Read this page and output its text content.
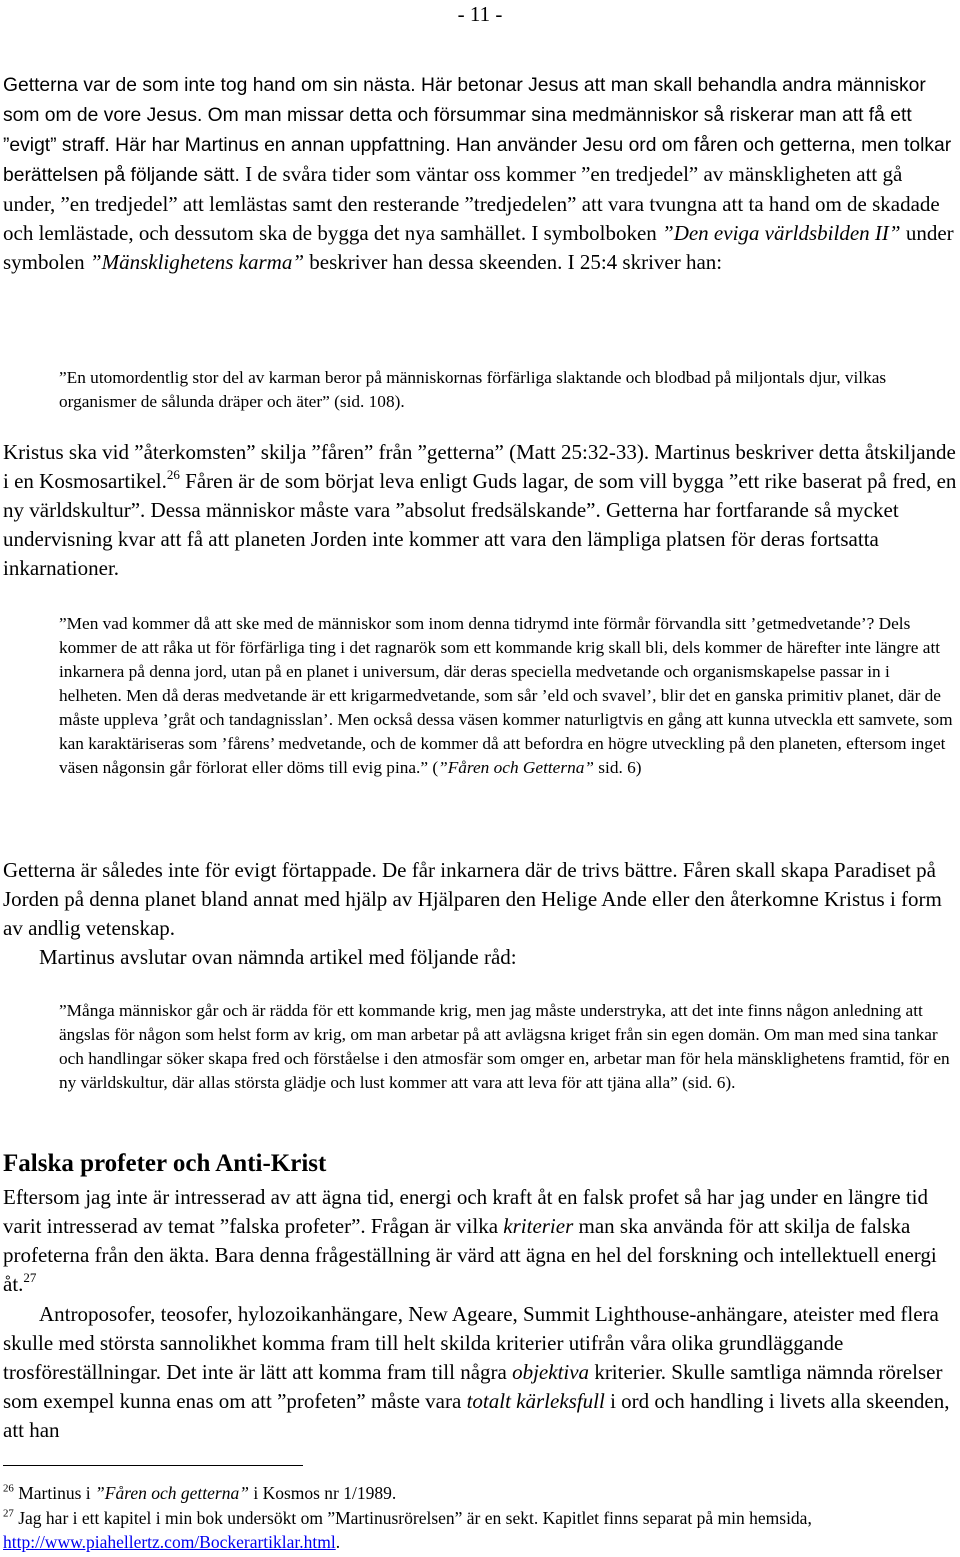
- 11 -

Getterna var de som inte tog hand om sin nästa. Här betonar Jesus att man skall behandla andra människor som om de vore Jesus. Om man missar detta och försummar sina medmänniskor så riskerar man att få ett ”evigt” straff. Här har Martinus en annan uppfattning. Han använder Jesu ord om fåren och getterna, men tolkar berättelsen på följande sätt. I de svåra tider som väntar oss kommer ”en tredjedel” av mänskligheten att gå under, ”en tredjedel” att lemlästas samt den resterande ”tredjedelen” att vara tvungna att ta hand om de skadade och lemlästade, och dessutom ska de bygga det nya samhället. I symbolboken ”Den eviga världsbilden II” under symbolen ”Mänsklighetens karma” beskriver han dessa skeenden. I 25:4 skriver han:

”En utomordentlig stor del av karman beror på människornas förfärliga slaktande och blodbad på miljontals djur, vilkas organismer de sålunda dräper och äter” (sid. 108).

Kristus ska vid ”återkomsten” skilja ”fåren” från ”getterna” (Matt 25:32-33). Martinus beskriver detta åtskiljande i en Kosmosartikel.$^{26}$ Fåren är de som börjat leva enligt Guds lagar, de som vill bygga ”ett rike baserat på fred, en ny världskultur”. Dessa människor måste vara ”absolut fredsälskande”. Getterna har fortfarande så mycket undervisning kvar att få att planeten Jorden inte kommer att vara den lämpliga platsen för deras fortsatta inkarnationer.

”Men vad kommer då att ske med de människor som inom denna tidrymd inte förmår förvandla sitt ’getmedvetande’? Dels kommer de att råka ut för förfärliga ting i det ragnarök som ett kommande krig skall bli, dels kommer de härefter inte längre att inkarnera på denna jord, utan på en planet i universum, där deras speciella medvetande och organismskapelse passar in i helheten. Men då deras medvetande är ett krigarmedvetande, som sår ’eld och svavel’, blir det en ganska primitiv planet, där de måste uppleva ’gråt och tandagnisslan’. Men också dessa väsen kommer naturligtvis en gång att kunna utveckla ett samvete, som kan karaktäriseras som ’fårens’ medvetande, och de kommer då att befordra en högre utveckling på den planeten, eftersom inget väsen någonsin går förlorat eller döms till evig pina.” (”Fåren och Getterna” sid. 6)

Getterna är således inte för evigt förtappade. De får inkarnera där de trivs bättre. Fåren skall skapa Paradiset på Jorden på denna planet bland annat med hjälp av Hjälparen den Helige Ande eller den återkomne Kristus i form av andlig vetenskap.

Martinus avslutar ovan nämnda artikel med följande råd:

”Många människor går och är rädda för ett kommande krig, men jag måste understryka, att det inte finns någon anledning att ängslas för någon som helst form av krig, om man arbetar på att avlägsna kriget från sin egen domän. Om man med sina tankar och handlingar söker skapa fred och förståelse i den atmosfär som omger en, arbetar man för hela mänsklighetens framtid, för en ny världskultur, där allas största glädje och lust kommer att vara att leva för att tjäna alla” (sid. 6).

Falska profeter och Anti-Krist

Eftersom jag inte är intresserad av att ägna tid, energi och kraft åt en falsk profet så har jag under en längre tid varit intresserad av temat ”falska profeter”. Frågan är vilka kriterier man ska använda för att skilja de falska profeterna från den äkta. Bara denna frågeställning är värd att ägna en hel del forskning och intellektuell energi åt.$^{27}$

Antroposofer, teosofer, hylozoikanhängare, New Ageare, Summit Lighthouse-anhängare, ateister med flera skulle med största sannolikhet komma fram till helt skilda kriterier utifrån våra olika grundläggande trosföreställningar. Det inte är lätt att komma fram till några objektiva kriterier. Skulle samtliga nämnda rörelser som exempel kunna enas om att ”profeten” måste vara totalt kärleksfull i ord och handling i livets alla skeenden, att han

$^{26}$ Martinus i ”Fåren och getterna” i Kosmos nr 1/1989.

$^{27}$ Jag har i ett kapitel i min bok undersökt om ”Martinusrörelsen” är en sekt. Kapitlet finns separat på min hemsida, http://www.piahellertz.com/Bockerartiklar.html.
